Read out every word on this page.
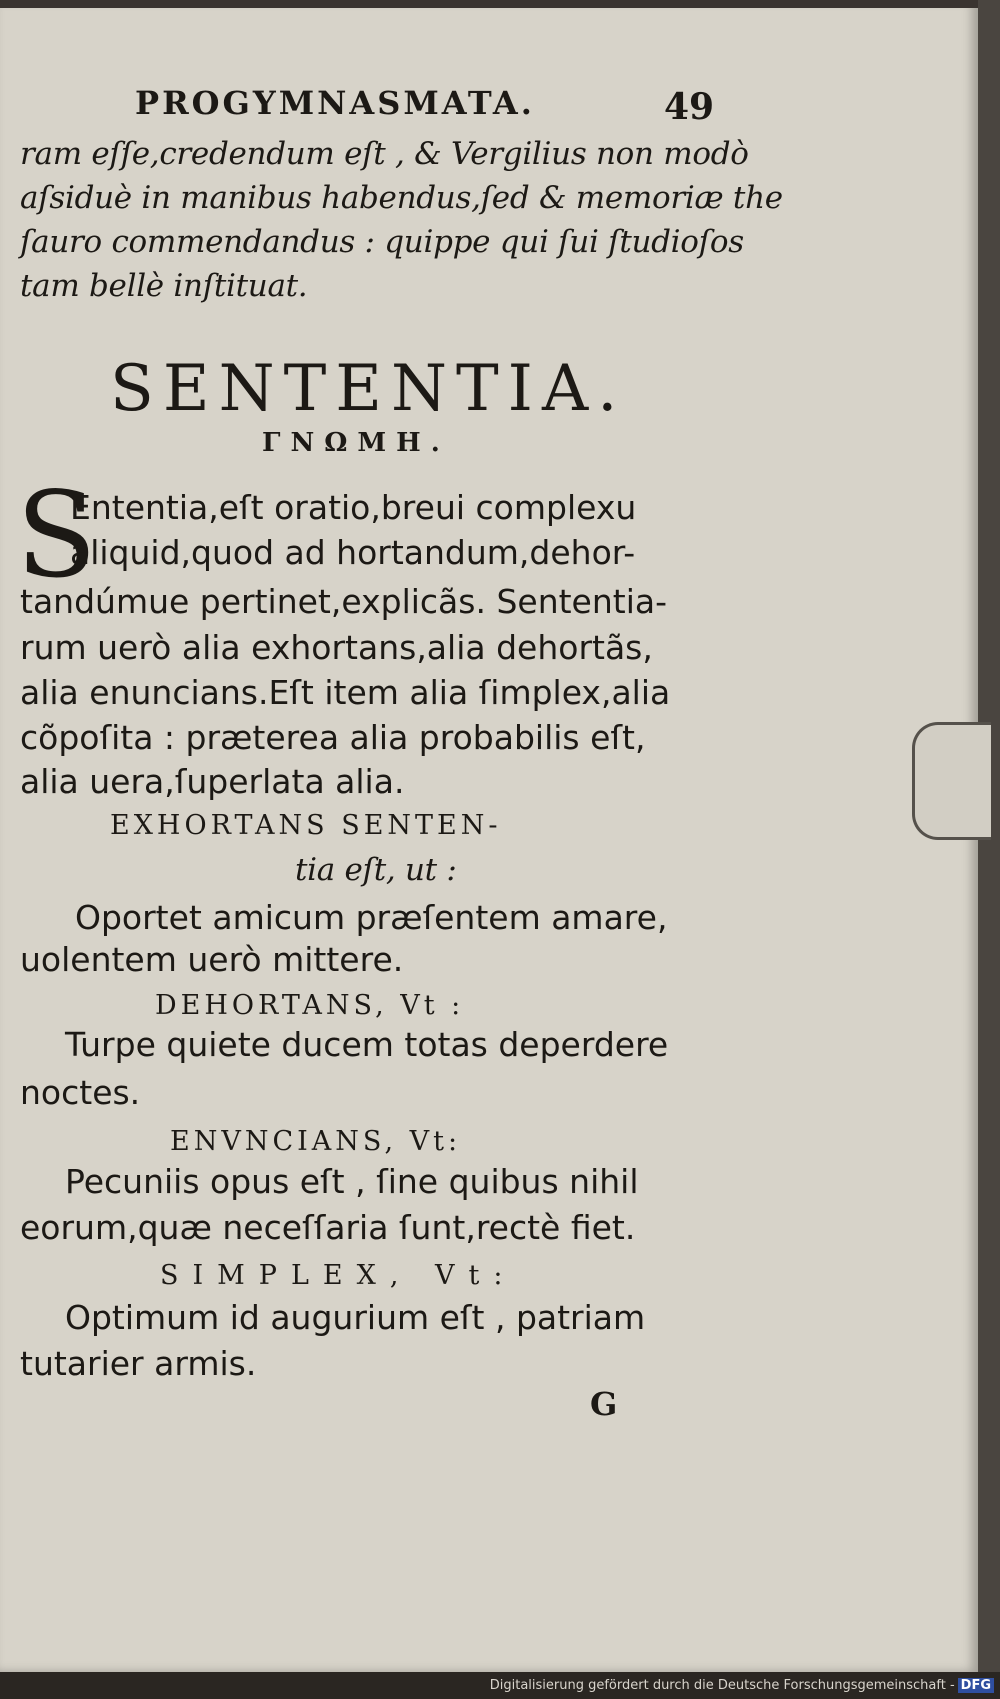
PROGYMNASMATA.	49
ram eſſe,credendum eſt , & Vergilius non modò
aſsiduè in manibus habendus,ſed & memoriæ the
ſauro commendandus : quippe qui ſui ſtudioſos
tam bellè inſtituat.
SENTENTIA.
ΓΝΩΜΗ.
S
Ententia,eſt oratio,breui complexu
aliquid,quod ad hortandum,dehor-
tandúmue pertinet,explicãs. Sententia-
rum uerò alia exhortans,alia dehortãs,
alia enuncians.Eſt item alia ſimplex,alia
cõpoſita : præterea alia probabilis eſt,
alia uera,ſuperlata alia.
EXHORTANS SENTEN-
tia eſt, ut :
Oportet amicum præſentem amare,
uolentem uerò mittere.
DEHORTANS, Vt :
Turpe quiete ducem totas deperdere
noctes.
ENVNCIANS, Vt:
Pecuniis opus eſt , ſine quibus nihil
eorum,quæ neceſſaria ſunt,rectè fiet.
SIMPLEX, Vt:
Optimum id augurium eſt , patriam
tutarier armis.
G
Digitalisierung gefördert durch die Deutsche Forschungsgemeinschaft - DFG
